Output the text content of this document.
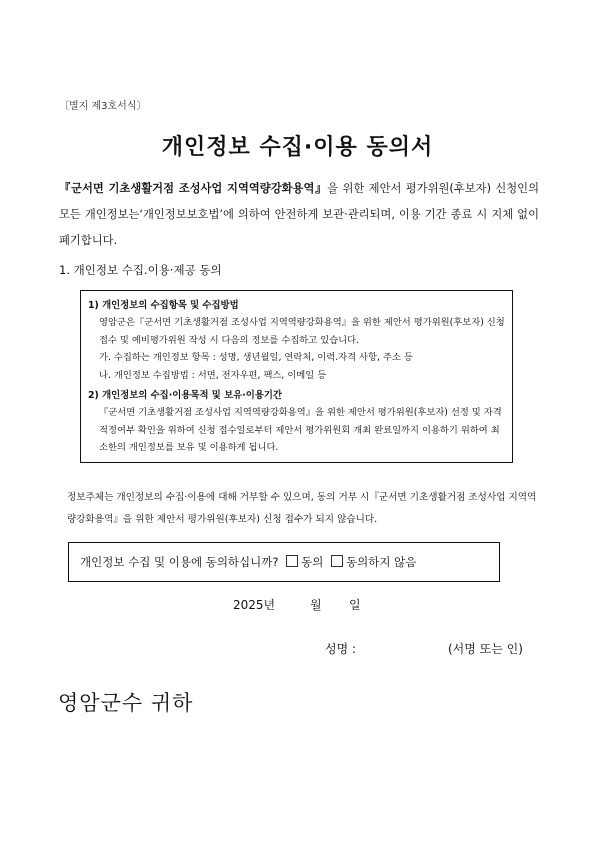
〔별지 제3호서식〕
개인정보 수집·이용 동의서
『군서면 기초생활거점 조성사업 지역역량강화용역』을 위한 제안서 평가위원(후보자) 신청인의 모든 개인정보는‘개인정보보호법’에 의하여 안전하게 보관·관리되며, 이용 기간 종료 시 지체 없이 폐기합니다.
1. 개인정보 수집.이용·제공 동의
1) 개인정보의 수집항목 및 수집방법
영암군은『군서면 기초생활거점 조성사업 지역역량강화용역』을 위한 제안서 평가위원(후보자) 신청 접수 및 예비평가위원 작성 시 다음의 정보를 수집하고 있습니다.
가. 수집하는 개인정보 항목 : 성명, 생년월일, 연락처, 이력.자격 사항, 주소 등
나. 개인정보 수집방법 : 서면, 전자우편, 팩스, 이메일 등
2) 개인정보의 수집·이용목적 및 보유·이용기간
『군서면 기초생활거점 조성사업 지역역량강화용역』을 위한 제안서 평가위원(후보자) 선정 및 자격적정여부 확인을 위하여 신청 접수일로부터 제안서 평가위원회 개최 완료일까지 이용하기 위하여 최소한의 개인정보를 보유 및 이용하게 됩니다.
정보주체는 개인정보의 수집·이용에 대해 거부할 수 있으며, 동의 거부 시『군서면 기초생활거점 조성사업 지역역량강화용역』을 위한 제안서 평가위원(후보자) 신청 접수가 되지 않습니다.
개인정보 수집 및 이용에 동의하십니까? 동의 동의하지 않음
2025년	월 일
성명 :	(서명 또는 인)
영암군수 귀하
